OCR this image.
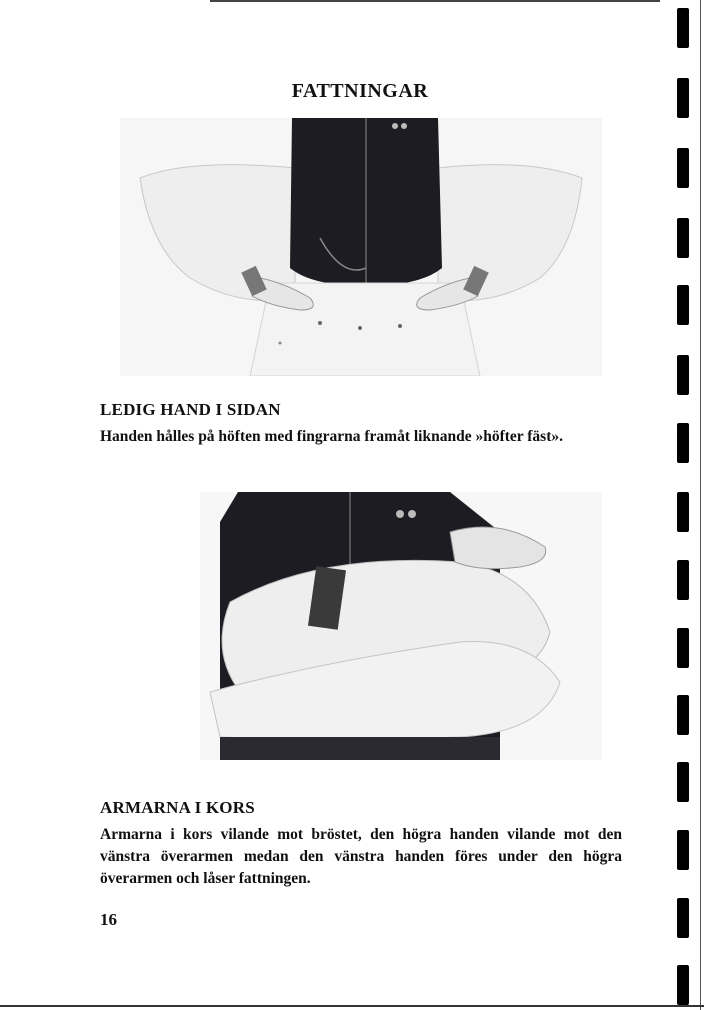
FATTNINGAR
LEDIG HAND I SIDAN
Handen hålles på höften med fingrarna framåt liknande »höfter fäst».
ARMARNA I KORS
Armarna i kors vilande mot bröstet, den högra handen vilande mot den vänstra överarmen medan den vänstra handen föres under den högra överarmen och låser fattningen.
16
